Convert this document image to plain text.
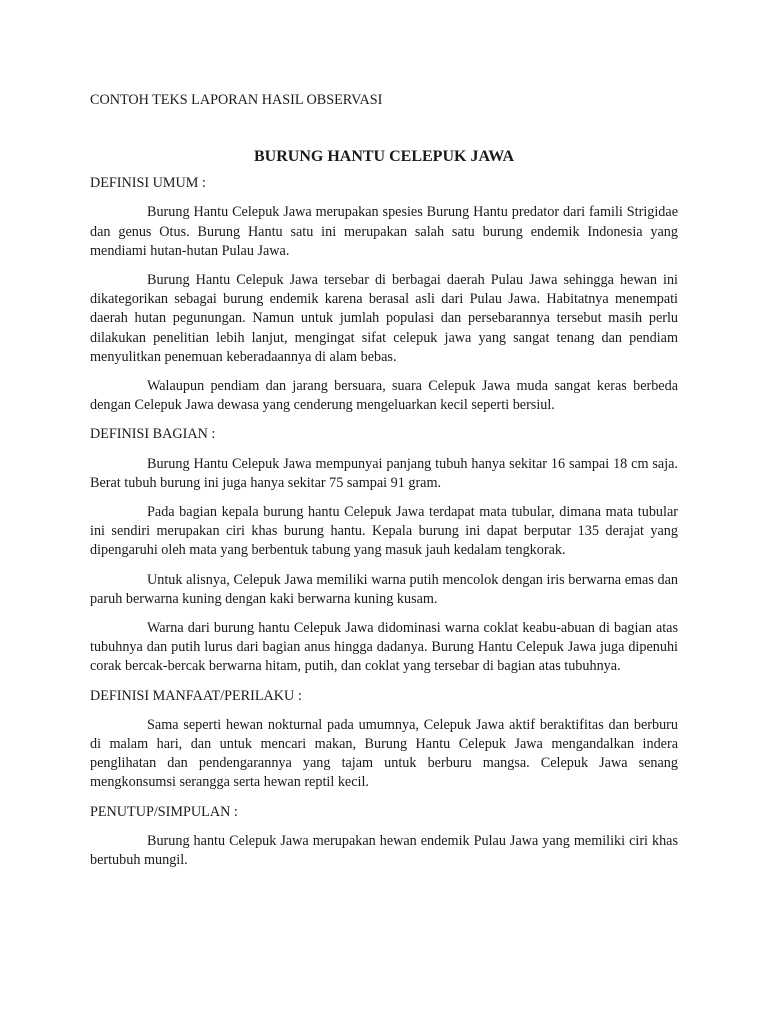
CONTOH TEKS LAPORAN HASIL OBSERVASI

BURUNG HANTU CELEPUK JAWA

DEFINISI UMUM :

Burung Hantu Celepuk Jawa merupakan spesies Burung Hantu predator dari famili Strigidae dan genus Otus. Burung Hantu satu ini merupakan salah satu burung endemik Indonesia yang mendiami hutan-hutan Pulau Jawa.

Burung Hantu Celepuk Jawa tersebar di berbagai daerah Pulau Jawa sehingga hewan ini dikategorikan sebagai burung endemik karena berasal asli dari Pulau Jawa. Habitatnya menempati daerah hutan pegunungan. Namun untuk jumlah populasi dan persebarannya tersebut masih perlu dilakukan penelitian lebih lanjut, mengingat sifat celepuk jawa yang sangat tenang dan pendiam menyulitkan penemuan keberadaannya di alam bebas.

Walaupun pendiam dan jarang bersuara, suara Celepuk Jawa muda sangat keras berbeda dengan Celepuk Jawa dewasa yang cenderung mengeluarkan kecil seperti bersiul.

DEFINISI BAGIAN :

Burung Hantu Celepuk Jawa mempunyai panjang tubuh hanya sekitar 16 sampai 18 cm saja. Berat tubuh burung ini juga hanya sekitar 75 sampai 91 gram.

Pada bagian kepala burung hantu Celepuk Jawa terdapat mata tubular, dimana mata tubular ini sendiri merupakan ciri khas burung hantu. Kepala burung ini dapat berputar 135 derajat yang dipengaruhi oleh mata yang berbentuk tabung yang masuk jauh kedalam tengkorak.

Untuk alisnya, Celepuk Jawa memiliki warna putih mencolok dengan iris berwarna emas dan paruh berwarna kuning dengan kaki berwarna kuning kusam.

Warna dari burung hantu Celepuk Jawa didominasi warna coklat keabu-abuan di bagian atas tubuhnya dan putih lurus dari bagian anus hingga dadanya. Burung Hantu Celepuk Jawa juga dipenuhi corak bercak-bercak berwarna hitam, putih, dan coklat yang tersebar di bagian atas tubuhnya.

DEFINISI MANFAAT/PERILAKU :

Sama seperti hewan nokturnal pada umumnya, Celepuk Jawa aktif beraktifitas dan berburu di malam hari, dan untuk mencari makan, Burung Hantu Celepuk Jawa mengandalkan indera penglihatan dan pendengarannya yang tajam untuk berburu mangsa. Celepuk Jawa senang mengkonsumsi serangga serta hewan reptil kecil.

PENUTUP/SIMPULAN :

Burung hantu Celepuk Jawa merupakan hewan endemik Pulau Jawa yang memiliki ciri khas bertubuh mungil.
